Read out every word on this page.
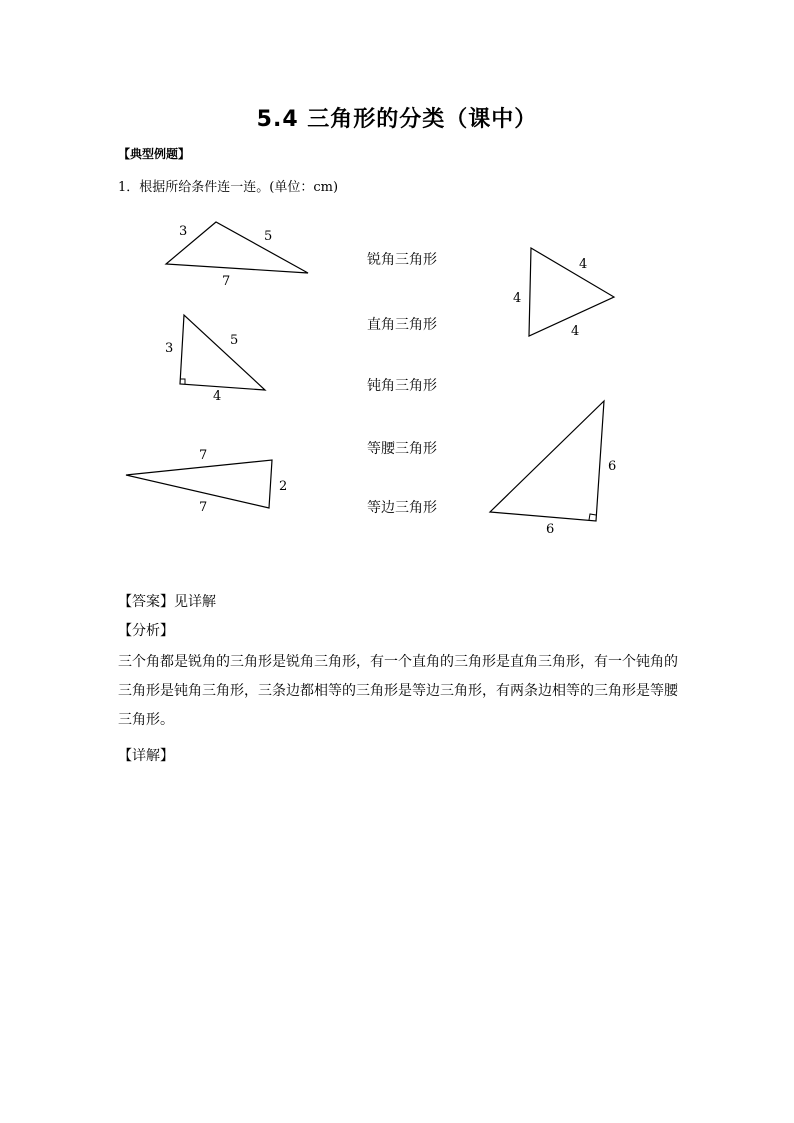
5.4 三角形的分类（课中）
【典型例题】
1．根据所给条件连一连。(单位：cm)
锐角三角形
直角三角形
钝角三角形
等腰三角形
等边三角形
3	5
7
3
5
4
7
2
7
4
4
4
6
6
【答案】见详解
【分析】
三个角都是锐角的三角形是锐角三角形，有一个直角的三角形是直角三角形，有一个钝角的三角形是钝角三角形，三条边都相等的三角形是等边三角形，有两条边相等的三角形是等腰三角形。
【详解】
